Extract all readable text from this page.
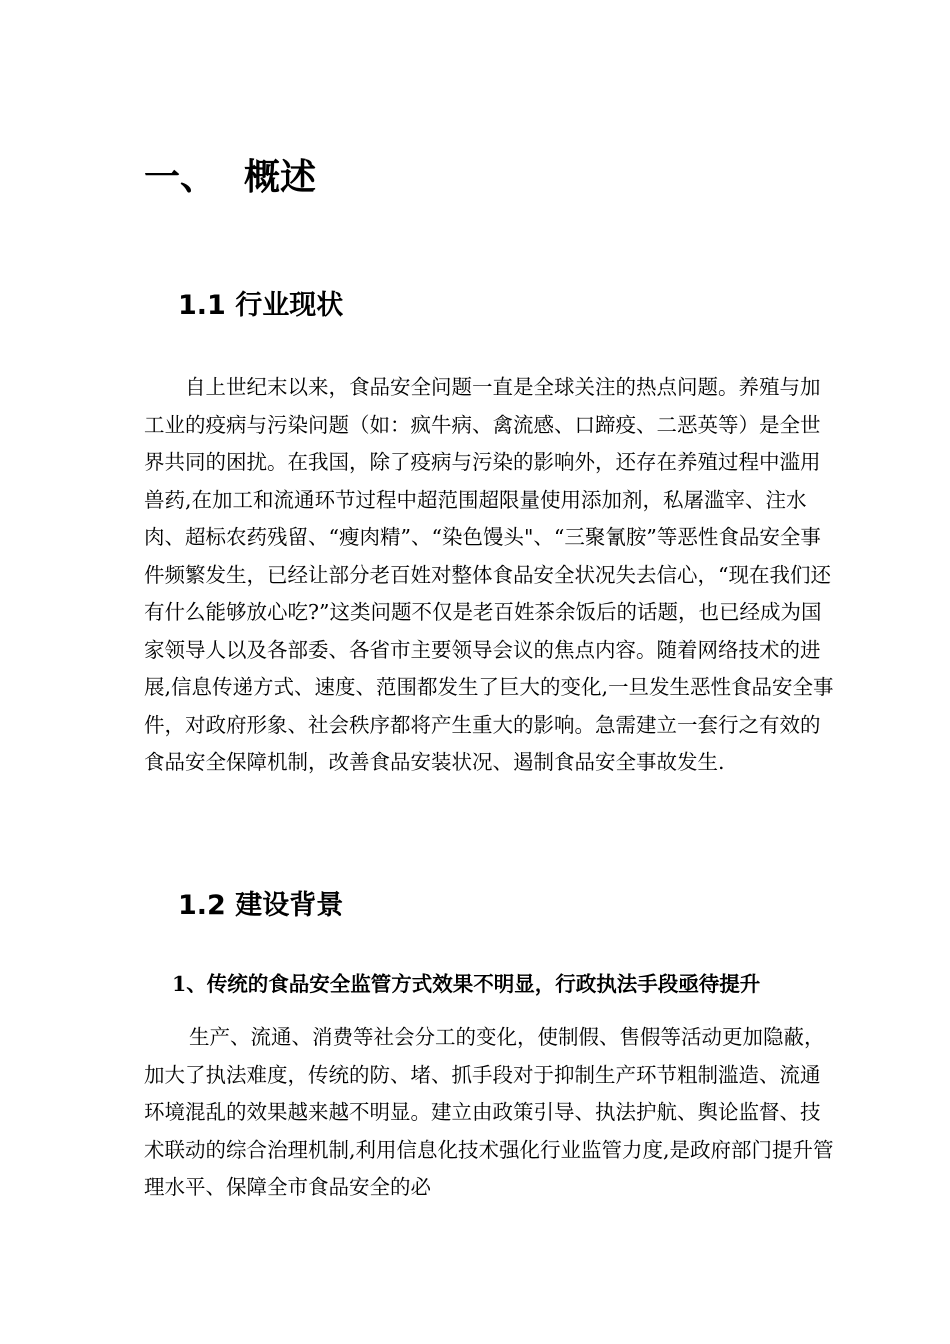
一、 概述
1.1 行业现状

自上世纪末以来，食品安全问题一直是全球关注的热点问题。养殖与加工业的疫病与污染问题（如：疯牛病、禽流感、口蹄疫、二恶英等）是全世界共同的困扰。在我国，除了疫病与污染的影响外，还存在养殖过程中滥用兽药,在加工和流通环节过程中超范围超限量使用添加剂，私屠滥宰、注水肉、超标农药残留、“瘦肉精”、“染色馒头"、“三聚氰胺”等恶性食品安全事件频繁发生，已经让部分老百姓对整体食品安全状况失去信心，“现在我们还有什么能够放心吃?”这类问题不仅是老百姓茶余饭后的话题，也已经成为国家领导人以及各部委、各省市主要领导会议的焦点内容。随着网络技术的进展,信息传递方式、速度、范围都发生了巨大的变化,一旦发生恶性食品安全事件，对政府形象、社会秩序都将产生重大的影响。急需建立一套行之有效的食品安全保障机制，改善食品安装状况、遏制食品安全事故发生.

1.2 建设背景

1、传统的食品安全监管方式效果不明显，行政执法手段亟待提升

生产、流通、消费等社会分工的变化，使制假、售假等活动更加隐蔽，加大了执法难度，传统的防、堵、抓手段对于抑制生产环节粗制滥造、流通环境混乱的效果越来越不明显。建立由政策引导、执法护航、舆论监督、技术联动的综合治理机制,利用信息化技术强化行业监管力度,是政府部门提升管理水平、保障全市食品安全的必
